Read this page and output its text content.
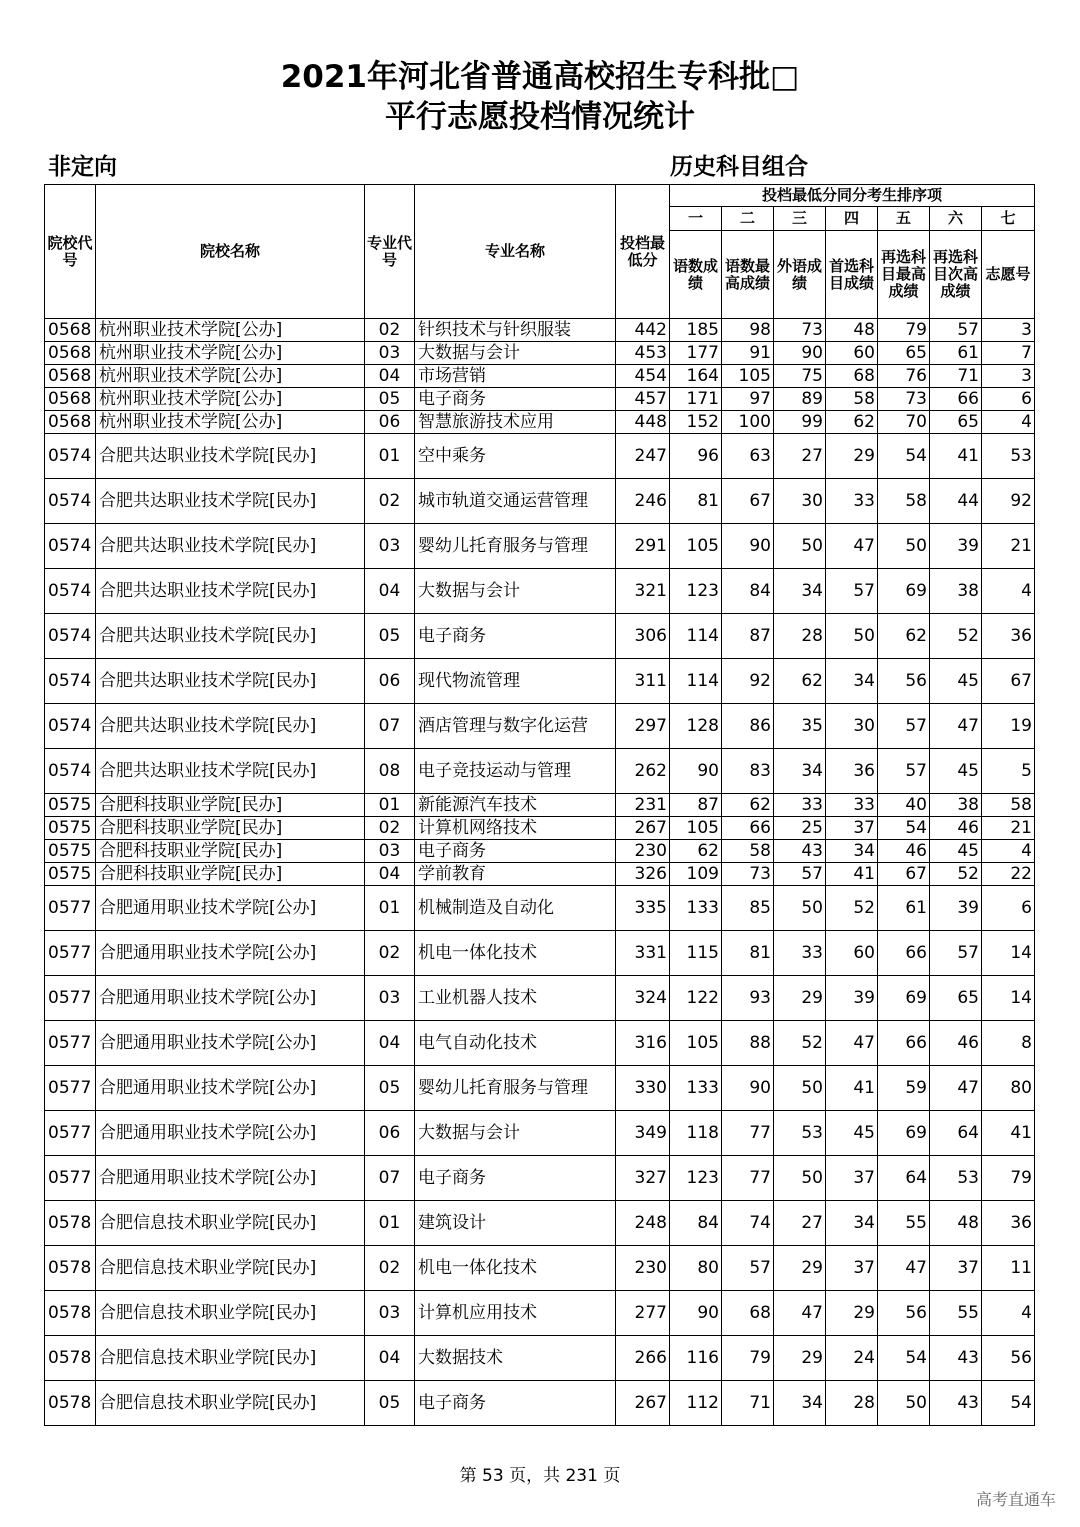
2021年河北省普通高校招生专科批□
平行志愿投档情况统计
非定向	历史科目组合
院校代号	院校名称	专业代号	专业名称	投档最低分	投档最低分同分考生排序项						
					一	二	三	四	五	六	七
					语数成绩	语数最高成绩	外语成绩	首选科目成绩	再选科目最高成绩	再选科目次高成绩	志愿号
0568	杭州职业技术学院[公办]	02	针织技术与针织服装	442	185	98	73	48	79	57	3
0568	杭州职业技术学院[公办]	03	大数据与会计	453	177	91	90	60	65	61	7
0568	杭州职业技术学院[公办]	04	市场营销	454	164	105	75	68	76	71	3
0568	杭州职业技术学院[公办]	05	电子商务	457	171	97	89	58	73	66	6
0568	杭州职业技术学院[公办]	06	智慧旅游技术应用	448	152	100	99	62	70	65	4
0574	合肥共达职业技术学院[民办]	01	空中乘务	247	96	63	27	29	54	41	53
0574	合肥共达职业技术学院[民办]	02	城市轨道交通运营管理	246	81	67	30	33	58	44	92
0574	合肥共达职业技术学院[民办]	03	婴幼儿托育服务与管理	291	105	90	50	47	50	39	21
0574	合肥共达职业技术学院[民办]	04	大数据与会计	321	123	84	34	57	69	38	4
0574	合肥共达职业技术学院[民办]	05	电子商务	306	114	87	28	50	62	52	36
0574	合肥共达职业技术学院[民办]	06	现代物流管理	311	114	92	62	34	56	45	67
0574	合肥共达职业技术学院[民办]	07	酒店管理与数字化运营	297	128	86	35	30	57	47	19
0574	合肥共达职业技术学院[民办]	08	电子竞技运动与管理	262	90	83	34	36	57	45	5
0575	合肥科技职业学院[民办]	01	新能源汽车技术	231	87	62	33	33	40	38	58
0575	合肥科技职业学院[民办]	02	计算机网络技术	267	105	66	25	37	54	46	21
0575	合肥科技职业学院[民办]	03	电子商务	230	62	58	43	34	46	45	4
0575	合肥科技职业学院[民办]	04	学前教育	326	109	73	57	41	67	52	22
0577	合肥通用职业技术学院[公办]	01	机械制造及自动化	335	133	85	50	52	61	39	6
0577	合肥通用职业技术学院[公办]	02	机电一体化技术	331	115	81	33	60	66	57	14
0577	合肥通用职业技术学院[公办]	03	工业机器人技术	324	122	93	29	39	69	65	14
0577	合肥通用职业技术学院[公办]	04	电气自动化技术	316	105	88	52	47	66	46	8
0577	合肥通用职业技术学院[公办]	05	婴幼儿托育服务与管理	330	133	90	50	41	59	47	80
0577	合肥通用职业技术学院[公办]	06	大数据与会计	349	118	77	53	45	69	64	41
0577	合肥通用职业技术学院[公办]	07	电子商务	327	123	77	50	37	64	53	79
0578	合肥信息技术职业学院[民办]	01	建筑设计	248	84	74	27	34	55	48	36
0578	合肥信息技术职业学院[民办]	02	机电一体化技术	230	80	57	29	37	47	37	11
0578	合肥信息技术职业学院[民办]	03	计算机应用技术	277	90	68	47	29	56	55	4
0578	合肥信息技术职业学院[民办]	04	大数据技术	266	116	79	29	24	54	43	56
0578	合肥信息技术职业学院[民办]	05	电子商务	267	112	71	34	28	50	43	54
第 53 页，共 231 页
高考直通车
